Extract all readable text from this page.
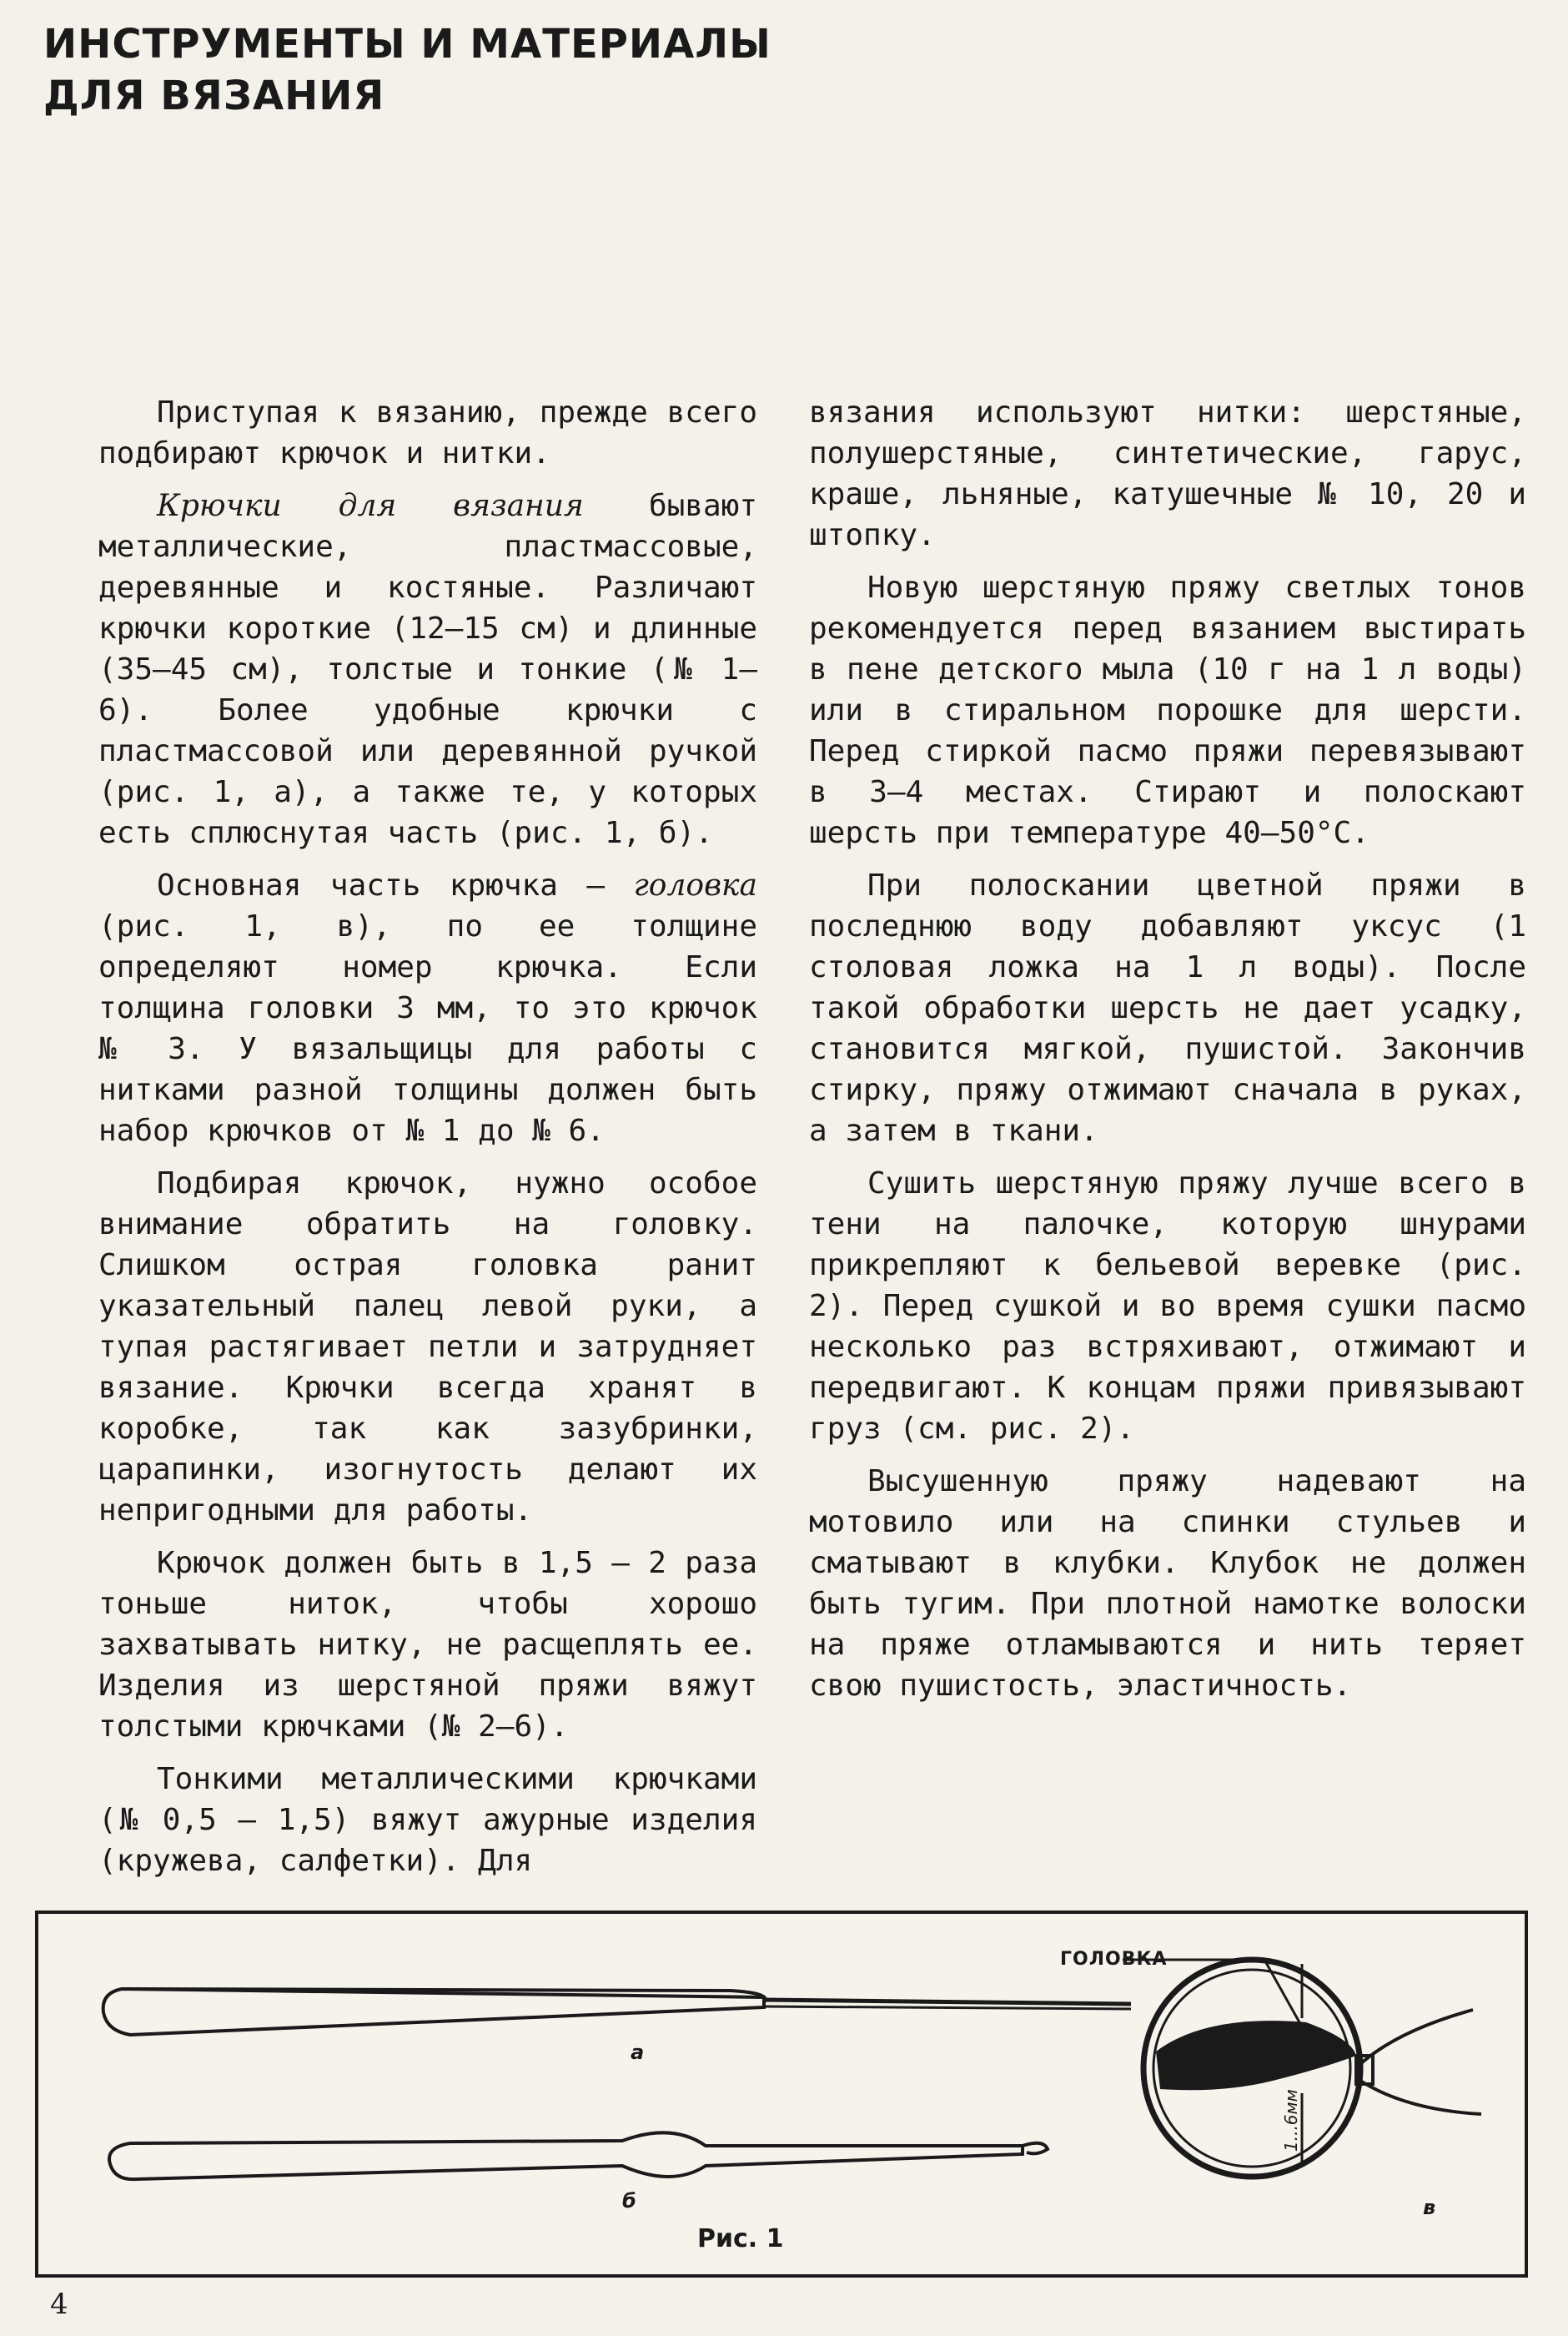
ИНСТРУМЕНТЫ И МАТЕРИАЛЫ
ДЛЯ ВЯЗАНИЯ

Приступая к вязанию, прежде всего подбирают крючок и нитки.

Крючки для вязания бывают металлические, пластмассовые, деревянные и костяные. Различают крючки короткие (12—15 см) и длинные (35—45 см), толстые и тонкие (№ 1—6). Более удобные крючки с пластмассовой или деревянной ручкой (рис. 1, а), а также те, у которых есть сплюснутая часть (рис. 1, б).

Основная часть крючка — головка (рис. 1, в), по ее толщине определяют номер крючка. Если толщина головки 3 мм, то это крючок № 3. У вязальщицы для работы с нитками разной толщины должен быть набор крючков от № 1 до № 6.

Подбирая крючок, нужно особое внимание обратить на головку. Слишком острая головка ранит указательный палец левой руки, а тупая растягивает петли и затрудняет вязание. Крючки всегда хранят в коробке, так как зазубринки, царапинки, изогнутость делают их непригодными для работы.

Крючок должен быть в 1,5 — 2 раза тоньше ниток, чтобы хорошо захватывать нитку, не расщеплять ее. Изделия из шерстяной пряжи вяжут толстыми крючками (№ 2—6).

Тонкими металлическими крючками (№ 0,5 — 1,5) вяжут ажурные изделия (кружева, салфетки). Для

вязания используют нитки: шерстяные, полушерстяные, синтетические, гарус, краше, льняные, катушечные № 10, 20 и штопку.

Новую шерстяную пряжу светлых тонов рекомендуется перед вязанием выстирать в пене детского мыла (10 г на 1 л воды) или в стиральном порошке для шерсти. Перед стиркой пасмо пряжи перевязывают в 3—4 местах. Стирают и полоскают шерсть при температуре 40—50°С.

При полоскании цветной пряжи в последнюю воду добавляют уксус (1 столовая ложка на 1 л воды). После такой обработки шерсть не дает усадку, становится мягкой, пушистой. Закончив стирку, пряжу отжимают сначала в руках, а затем в ткани.

Сушить шерстяную пряжу лучше всего в тени на палочке, которую шнурами прикрепляют к бельевой веревке (рис. 2). Перед сушкой и во время сушки пасмо несколько раз встряхивают, отжимают и передвигают. К концам пряжи привязывают груз (см. рис. 2).

Высушенную пряжу надевают на мотовило или на спинки стульев и сматывают в клубки. Клубок не должен быть тугим. При плотной намотке волоски на пряже отламываются и нить теряет свою пушистость, эластичность.

ГОЛОВКА
а
б	в
1...6мм
Рис. 1
4
